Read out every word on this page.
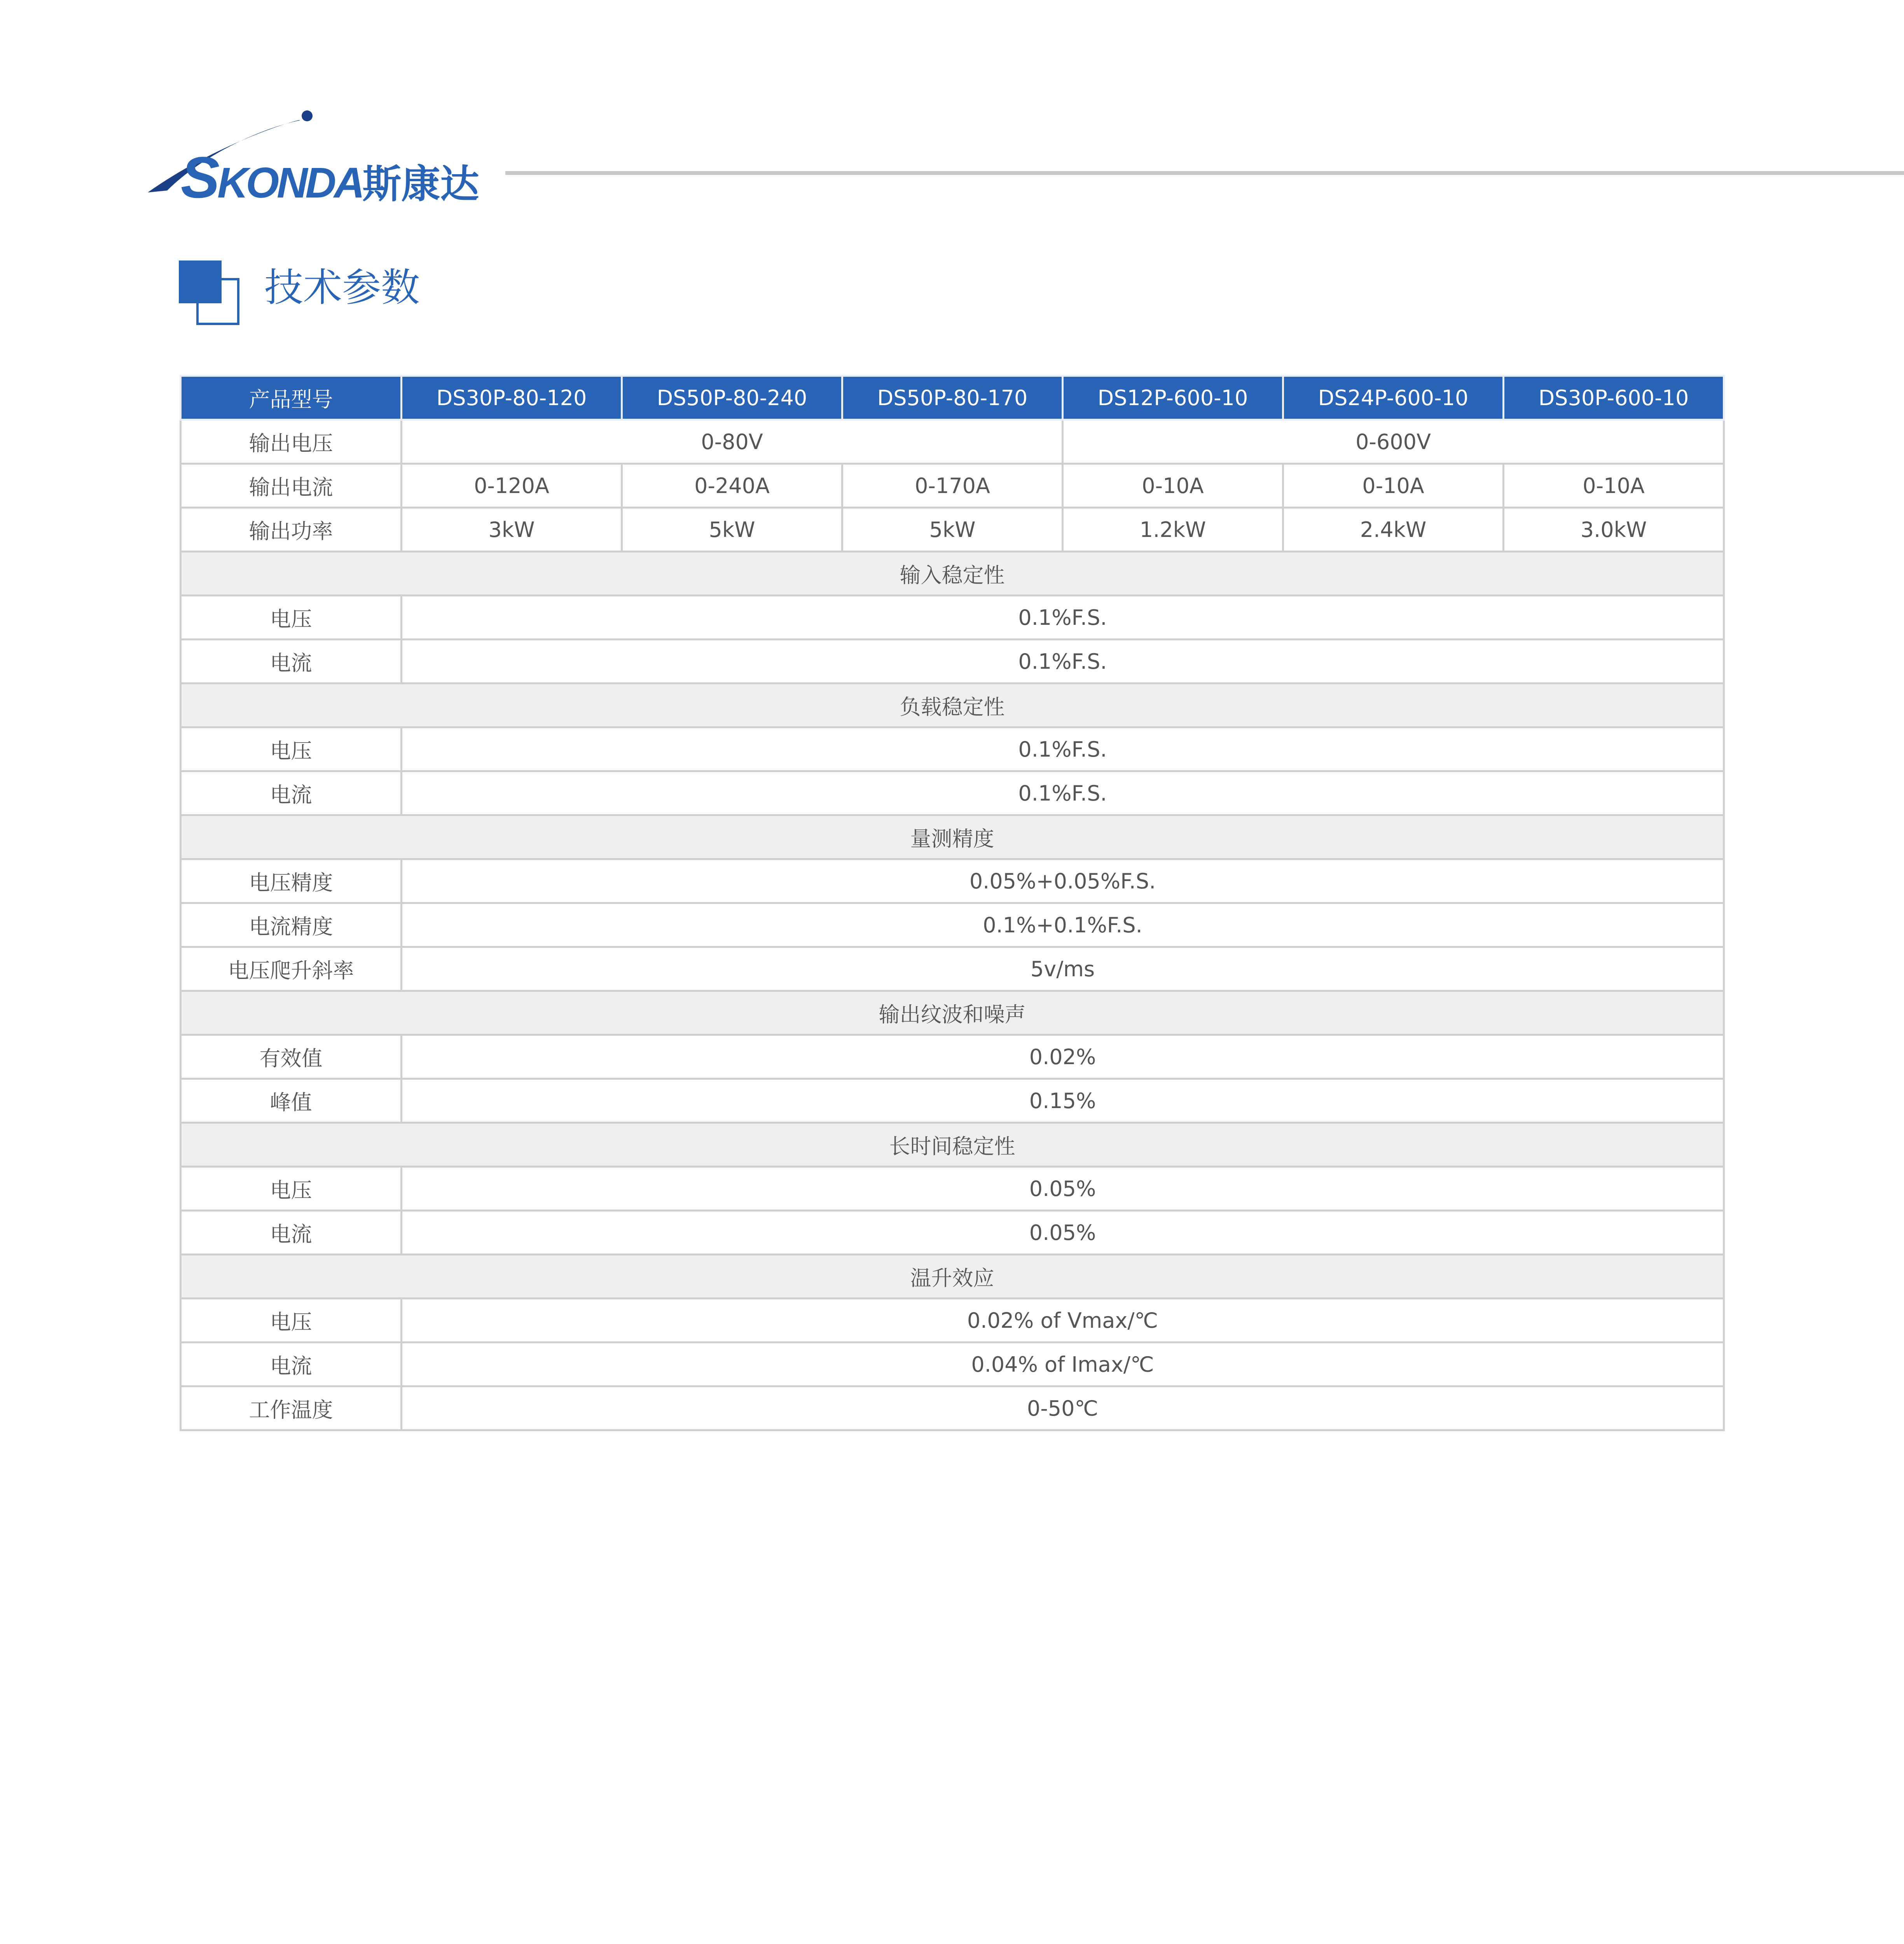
SKONDA斯康达
技术参数
产品型号	DS30P-80-120	DS50P-80-240	DS50P-80-170	DS12P-600-10	DS24P-600-10	DS30P-600-10
输出电压	0-80V			0-600V		
输出电流	0-120A	0-240A	0-170A	0-10A	0-10A	0-10A
输出功率	3kW	5kW	5kW	1.2kW	2.4kW	3.0kW
输入稳定性						
电压	0.1%F.S.					
电流	0.1%F.S.					
负载稳定性						
电压	0.1%F.S.					
电流	0.1%F.S.					
量测精度						
电压精度	0.05%+0.05%F.S.					
电流精度	0.1%+0.1%F.S.					
电压爬升斜率	5v/ms					
输出纹波和噪声						
有效值	0.02%					
峰值	0.15%					
长时间稳定性						
电压	0.05%					
电流	0.05%					
温升效应						
电压	0.02% of Vmax/℃					
电流	0.04% of Imax/℃					
工作温度	0-50℃					
